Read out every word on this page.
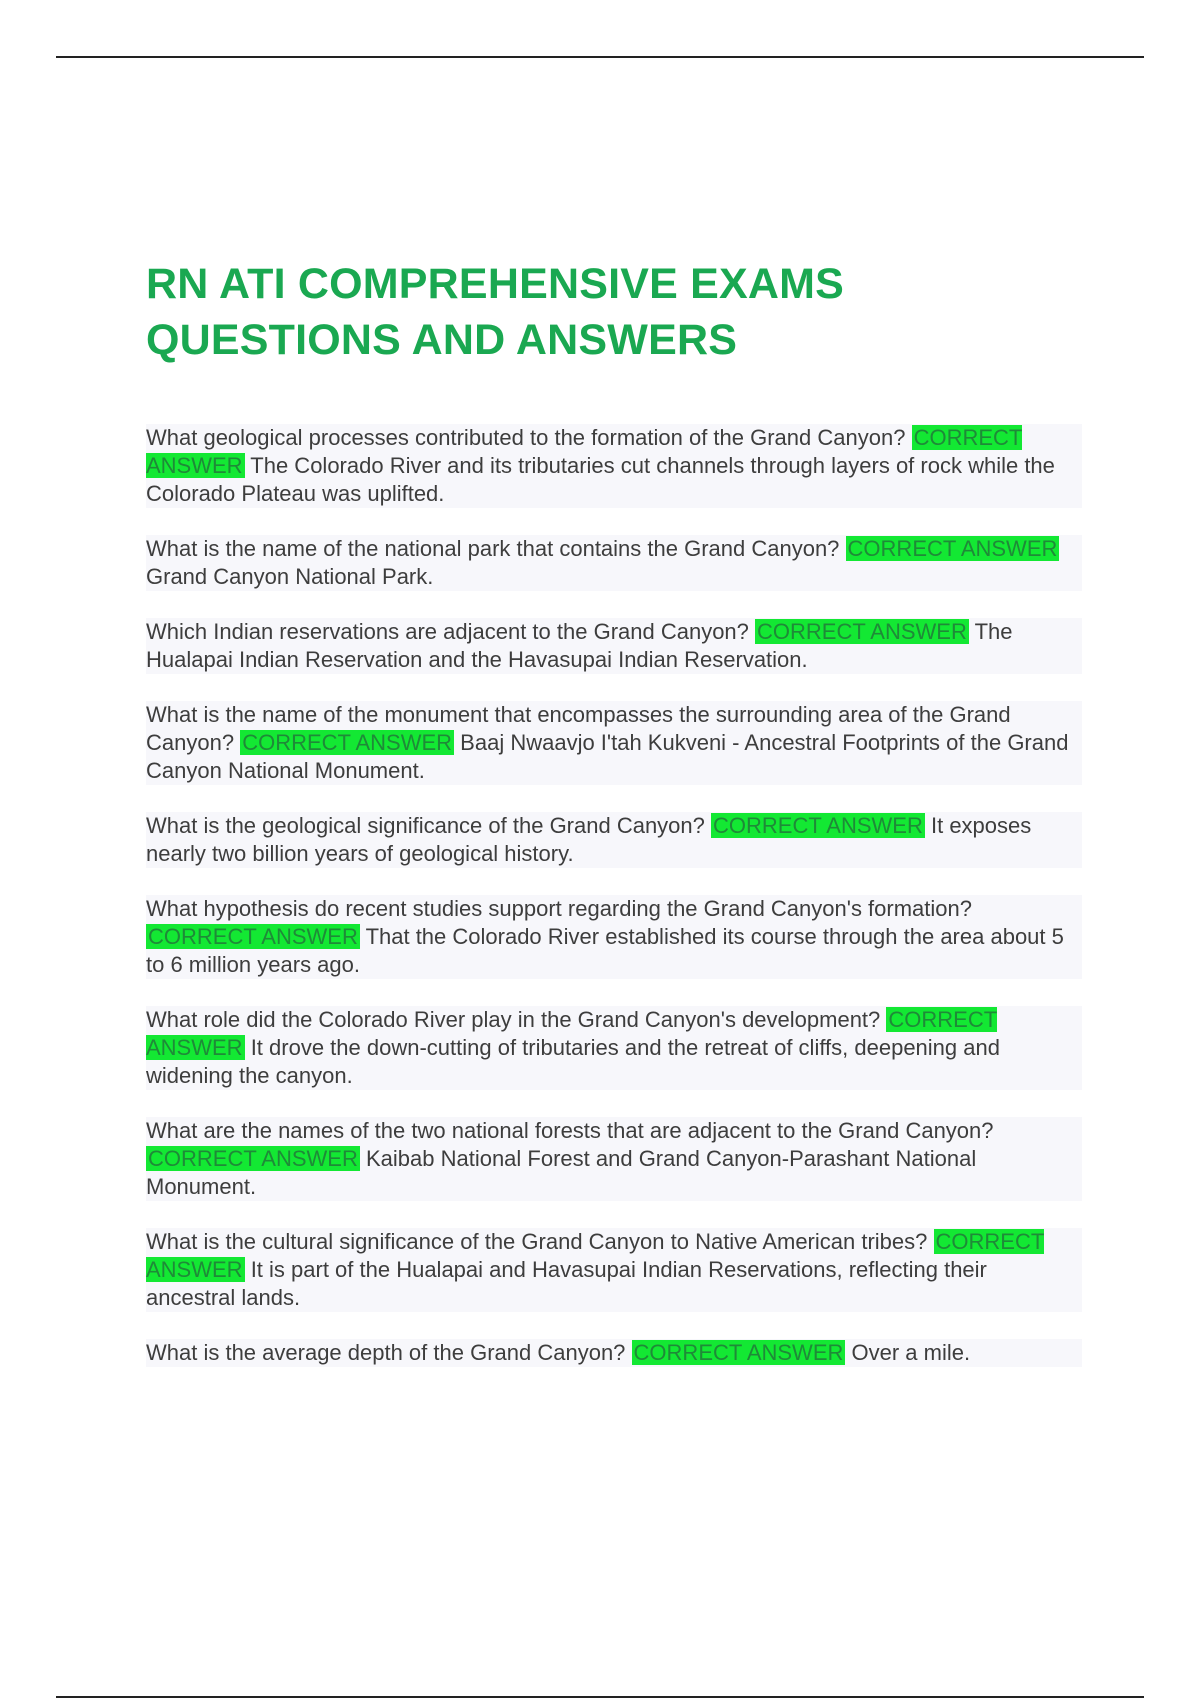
RN ATI COMPREHENSIVE EXAMS
QUESTIONS AND ANSWERS

What geological processes contributed to the formation of the Grand Canyon? CORRECT ANSWER The Colorado River and its tributaries cut channels through layers of rock while the Colorado Plateau was uplifted.

What is the name of the national park that contains the Grand Canyon? CORRECT ANSWER Grand Canyon National Park.

Which Indian reservations are adjacent to the Grand Canyon? CORRECT ANSWER The Hualapai Indian Reservation and the Havasupai Indian Reservation.

What is the name of the monument that encompasses the surrounding area of the Grand Canyon? CORRECT ANSWER Baaj Nwaavjo I'tah Kukveni - Ancestral Footprints of the Grand Canyon National Monument.

What is the geological significance of the Grand Canyon? CORRECT ANSWER It exposes nearly two billion years of geological history.

What hypothesis do recent studies support regarding the Grand Canyon's formation? CORRECT ANSWER That the Colorado River established its course through the area about 5 to 6 million years ago.

What role did the Colorado River play in the Grand Canyon's development? CORRECT ANSWER It drove the down-cutting of tributaries and the retreat of cliffs, deepening and widening the canyon.

What are the names of the two national forests that are adjacent to the Grand Canyon? CORRECT ANSWER Kaibab National Forest and Grand Canyon-Parashant National Monument.

What is the cultural significance of the Grand Canyon to Native American tribes? CORRECT ANSWER It is part of the Hualapai and Havasupai Indian Reservations, reflecting their ancestral lands.

What is the average depth of the Grand Canyon? CORRECT ANSWER Over a mile.
